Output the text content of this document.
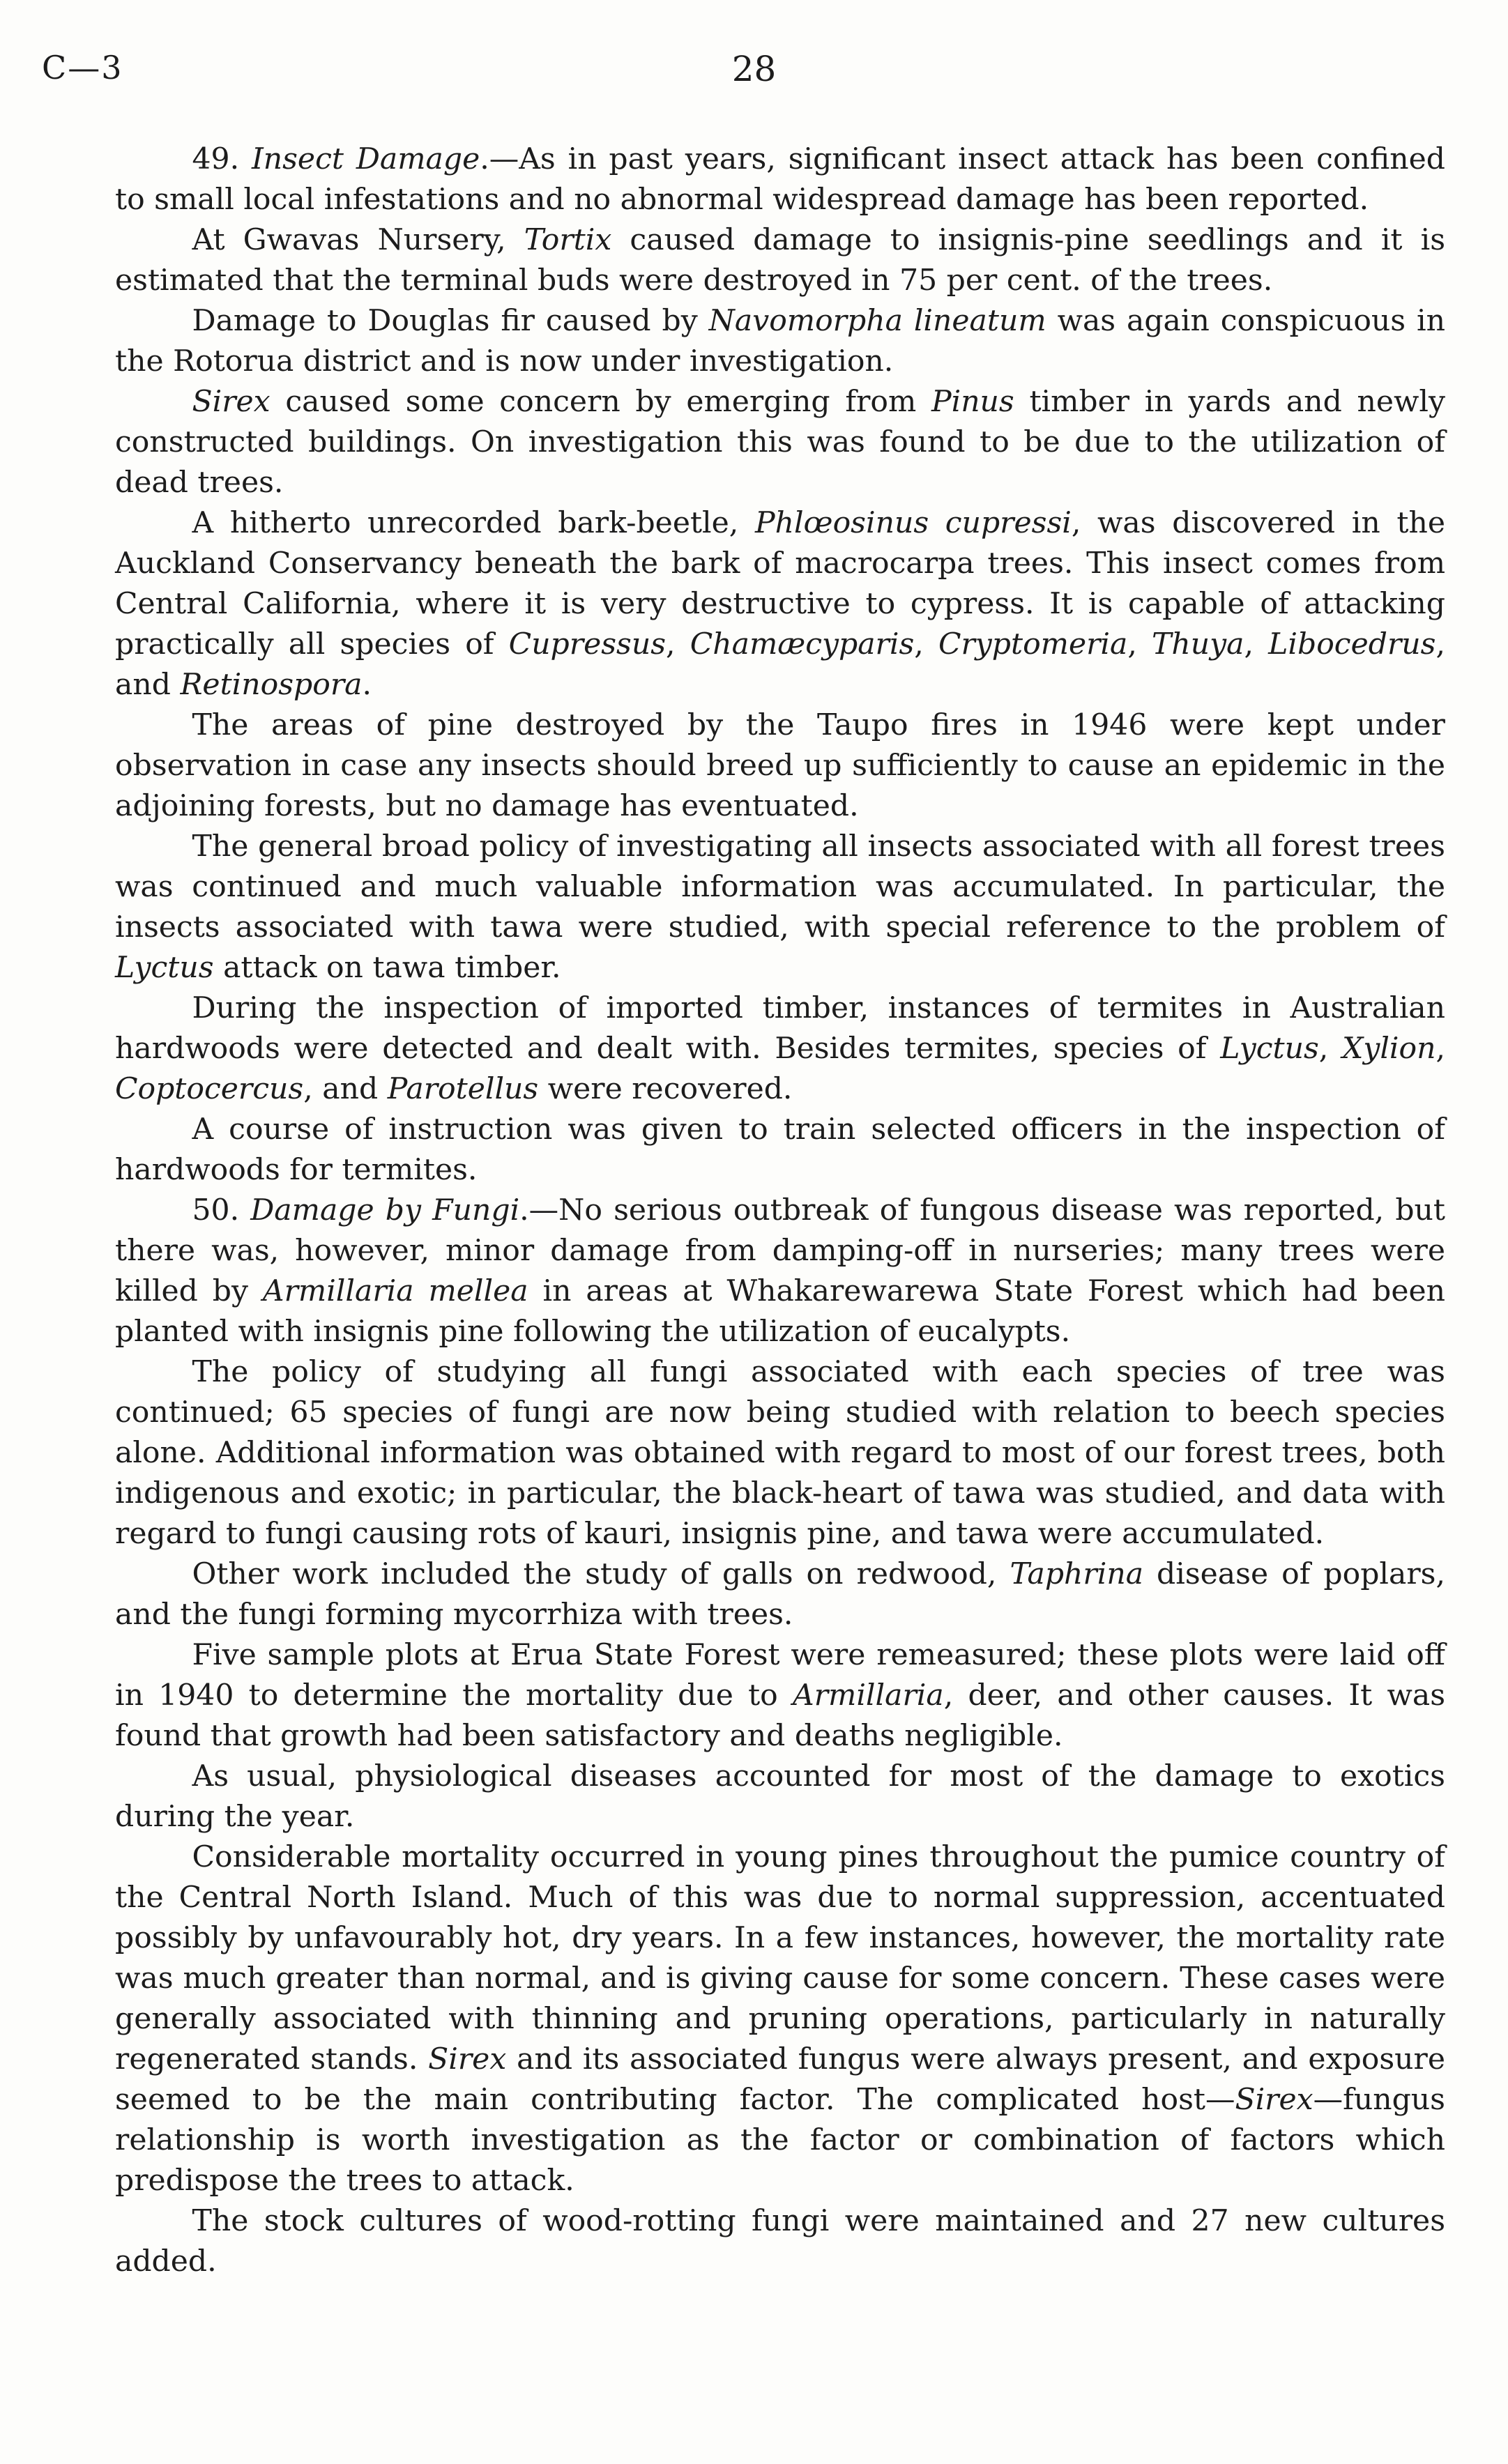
C—3	28

49. Insect Damage.—As in past years, significant insect attack has been confined to small local infestations and no abnormal widespread damage has been reported.

At Gwavas Nursery, Tortix caused damage to insignis-pine seedlings and it is estimated that the terminal buds were destroyed in 75 per cent. of the trees.

Damage to Douglas fir caused by Navomorpha lineatum was again conspicuous in the Rotorua district and is now under investigation.

Sirex caused some concern by emerging from Pinus timber in yards and newly constructed buildings. On investigation this was found to be due to the utilization of dead trees.

A hitherto unrecorded bark-beetle, Phlœosinus cupressi, was discovered in the Auckland Conservancy beneath the bark of macrocarpa trees. This insect comes from Central California, where it is very destructive to cypress. It is capable of attacking practically all species of Cupressus, Chamæcyparis, Cryptomeria, Thuya, Libocedrus, and Retinospora.

The areas of pine destroyed by the Taupo fires in 1946 were kept under observation in case any insects should breed up sufficiently to cause an epidemic in the adjoining forests, but no damage has eventuated.

The general broad policy of investigating all insects associated with all forest trees was continued and much valuable information was accumulated. In particular, the insects associated with tawa were studied, with special reference to the problem of Lyctus attack on tawa timber.

During the inspection of imported timber, instances of termites in Australian hardwoods were detected and dealt with. Besides termites, species of Lyctus, Xylion, Coptocercus, and Parotellus were recovered.

A course of instruction was given to train selected officers in the inspection of hardwoods for termites.

50. Damage by Fungi.—No serious outbreak of fungous disease was reported, but there was, however, minor damage from damping-off in nurseries; many trees were killed by Armillaria mellea in areas at Whakarewarewa State Forest which had been planted with insignis pine following the utilization of eucalypts.

The policy of studying all fungi associated with each species of tree was continued; 65 species of fungi are now being studied with relation to beech species alone. Additional information was obtained with regard to most of our forest trees, both indigenous and exotic; in particular, the black-heart of tawa was studied, and data with regard to fungi causing rots of kauri, insignis pine, and tawa were accumulated.

Other work included the study of galls on redwood, Taphrina disease of poplars, and the fungi forming mycorrhiza with trees.

Five sample plots at Erua State Forest were remeasured; these plots were laid off in 1940 to determine the mortality due to Armillaria, deer, and other causes. It was found that growth had been satisfactory and deaths negligible.

As usual, physiological diseases accounted for most of the damage to exotics during the year.

Considerable mortality occurred in young pines throughout the pumice country of the Central North Island. Much of this was due to normal suppression, accentuated possibly by unfavourably hot, dry years. In a few instances, however, the mortality rate was much greater than normal, and is giving cause for some concern. These cases were generally associated with thinning and pruning operations, particularly in naturally regenerated stands. Sirex and its associated fungus were always present, and exposure seemed to be the main contributing factor. The complicated host—Sirex—fungus relationship is worth investigation as the factor or combination of factors which predispose the trees to attack.

The stock cultures of wood-rotting fungi were maintained and 27 new cultures added.
